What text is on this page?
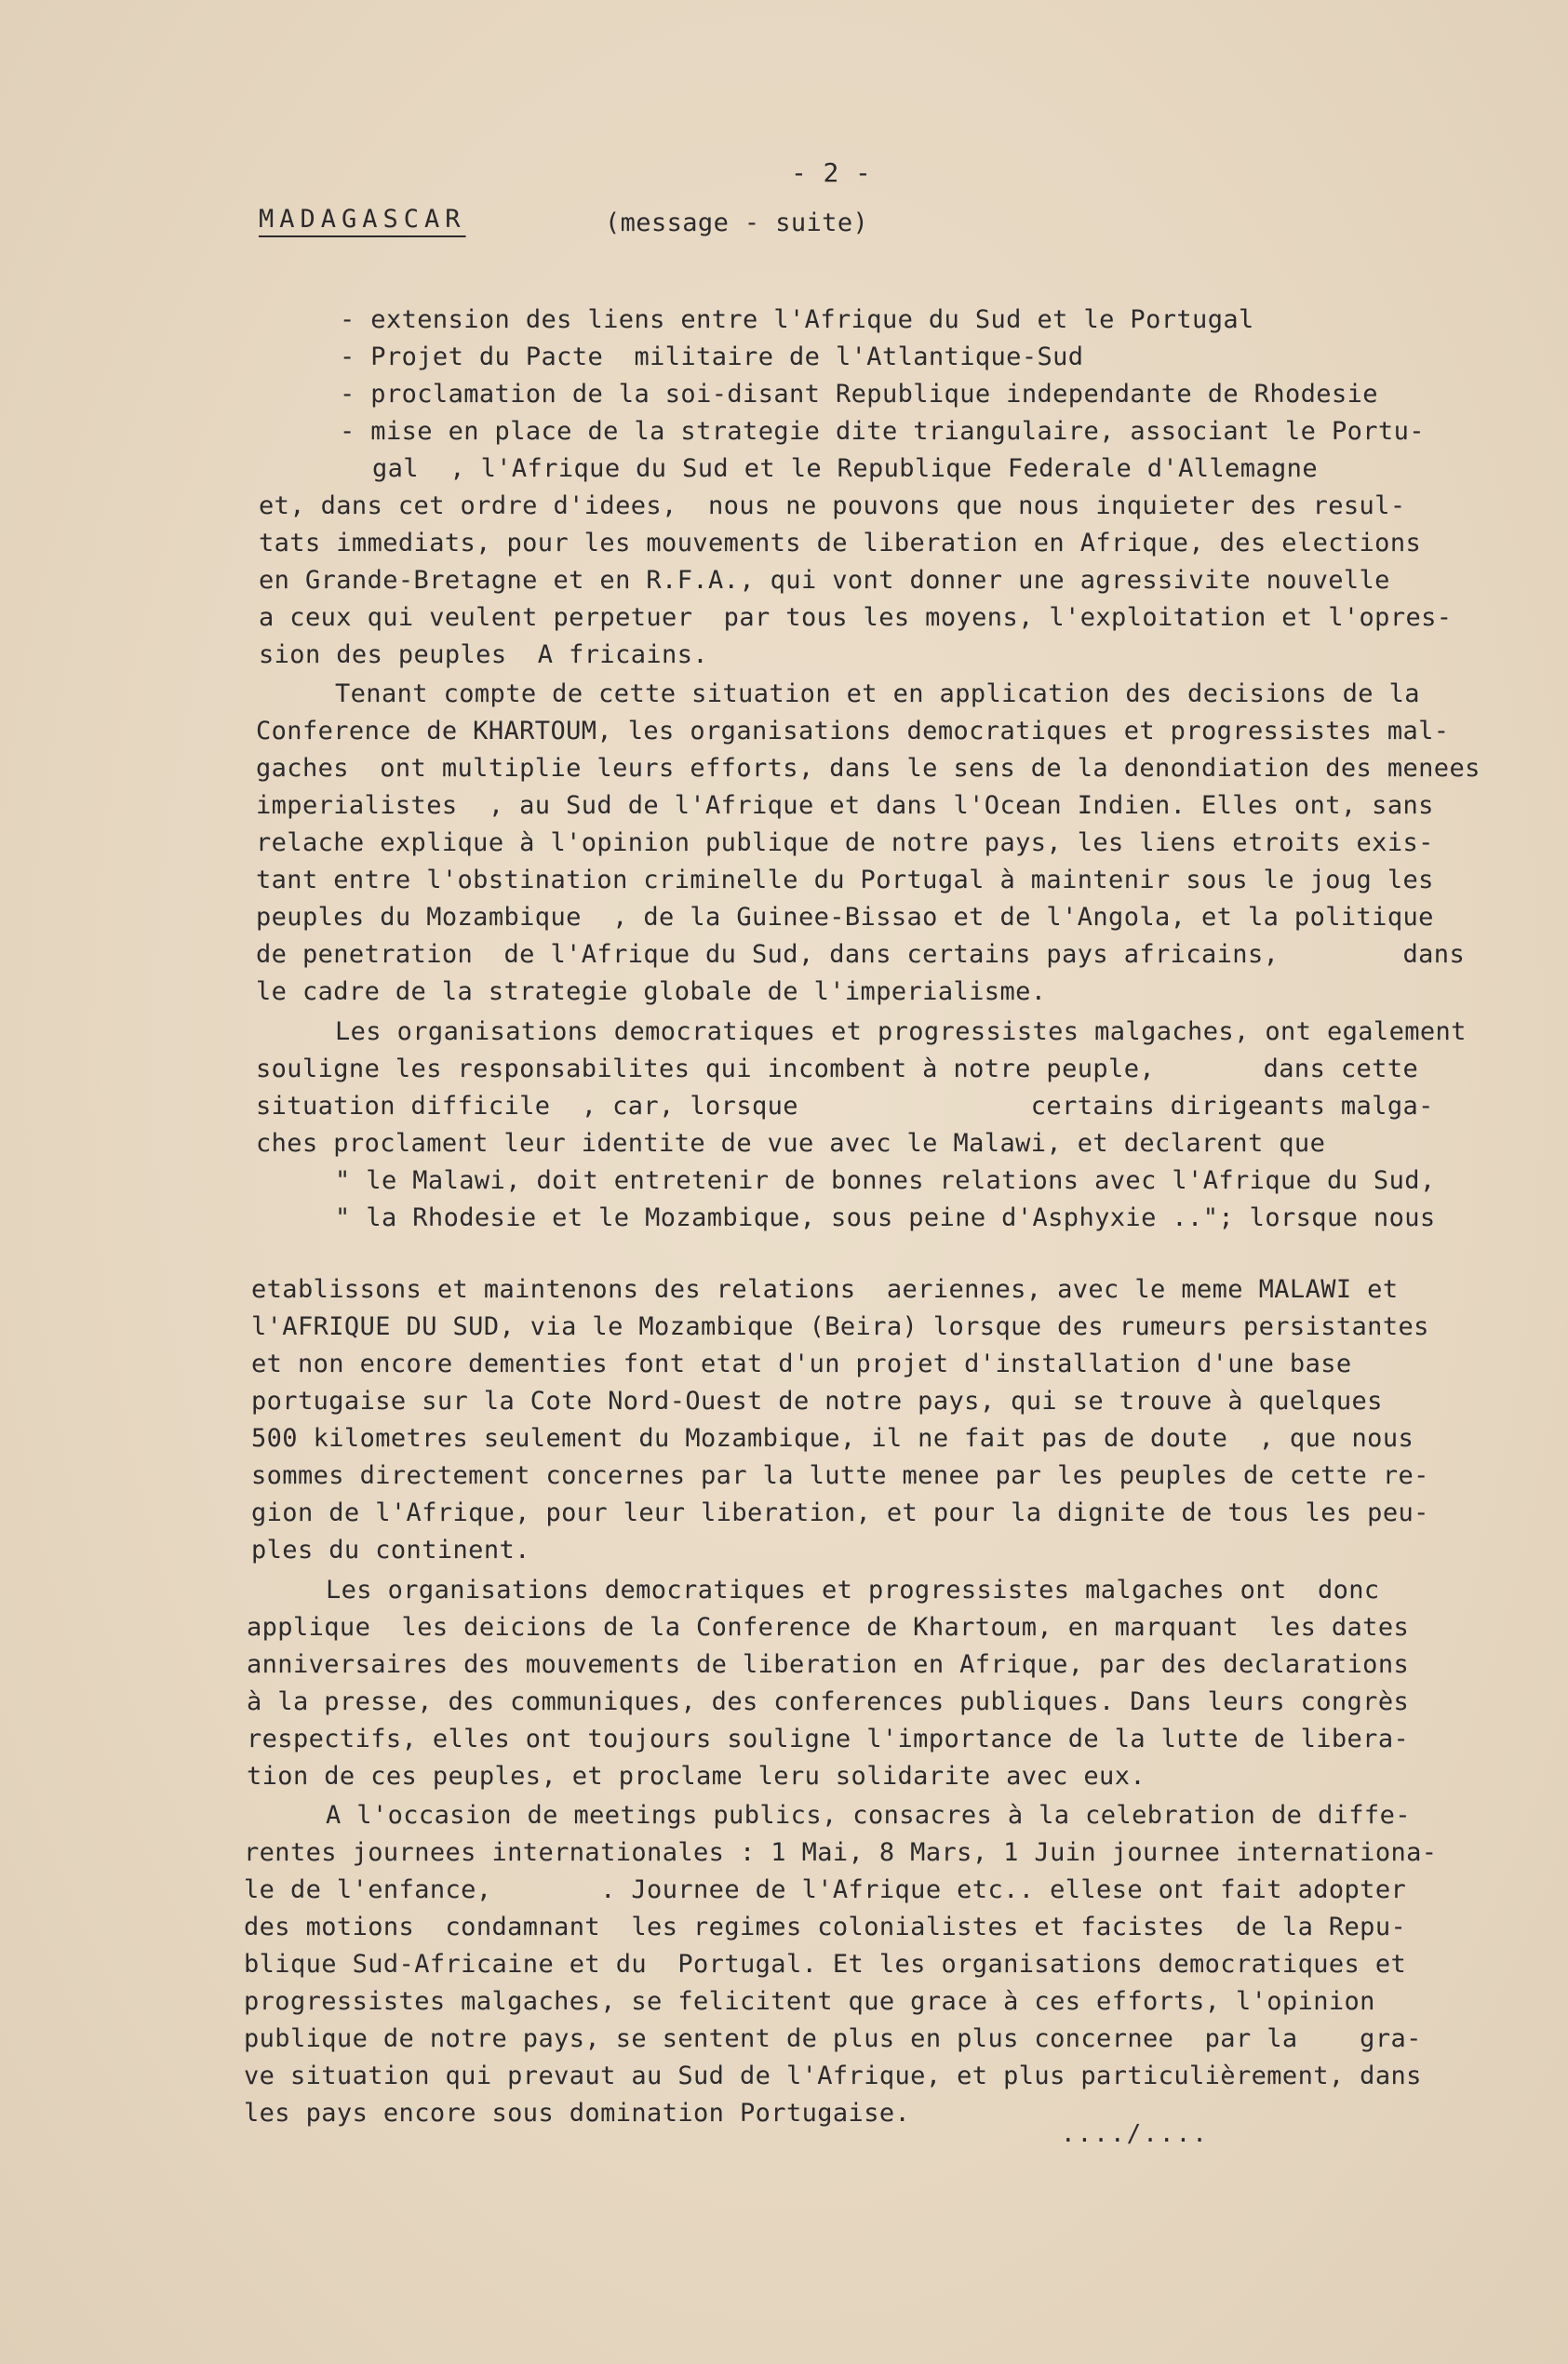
- 2 -
MADAGASCAR	(message - suite)
- extension des liens entre l'Afrique du Sud et le Portugal
- Projet du Pacte  militaire de l'Atlantique-Sud
- proclamation de la soi-disant Republique independante de Rhodesie
- mise en place de la strategie dite triangulaire, associant le Portu-
gal  , l'Afrique du Sud et le Republique Federale d'Allemagne
et, dans cet ordre d'idees,  nous ne pouvons que nous inquieter des resul-
tats immediats, pour les mouvements de liberation en Afrique, des elections
en Grande-Bretagne et en R.F.A., qui vont donner une agressivite nouvelle
a ceux qui veulent perpetuer  par tous les moyens, l'exploitation et l'opres-
sion des peuples  A fricains.
Tenant compte de cette situation et en application des decisions de la
Conference de KHARTOUM, les organisations democratiques et progressistes mal-
gaches  ont multiplie leurs efforts, dans le sens de la denondiation des menees
imperialistes  , au Sud de l'Afrique et dans l'Ocean Indien. Elles ont, sans
relache explique à l'opinion publique de notre pays, les liens etroits exis-
tant entre l'obstination criminelle du Portugal à maintenir sous le joug les
peuples du Mozambique  , de la Guinee-Bissao et de l'Angola, et la politique
de penetration  de l'Afrique du Sud, dans certains pays africains,        dans
le cadre de la strategie globale de l'imperialisme.
Les organisations democratiques et progressistes malgaches, ont egalement
souligne les responsabilites qui incombent à notre peuple,       dans cette
situation difficile  , car, lorsque               certains dirigeants malga-
ches proclament leur identite de vue avec le Malawi, et declarent que
" le Malawi, doit entretenir de bonnes relations avec l'Afrique du Sud,
" la Rhodesie et le Mozambique, sous peine d'Asphyxie .."; lorsque nous
etablissons et maintenons des relations  aeriennes, avec le meme MALAWI et
l'AFRIQUE DU SUD, via le Mozambique (Beira) lorsque des rumeurs persistantes
et non encore dementies font etat d'un projet d'installation d'une base
portugaise sur la Cote Nord-Ouest de notre pays, qui se trouve à quelques
500 kilometres seulement du Mozambique, il ne fait pas de doute  , que nous
sommes directement concernes par la lutte menee par les peuples de cette re-
gion de l'Afrique, pour leur liberation, et pour la dignite de tous les peu-
ples du continent.
Les organisations democratiques et progressistes malgaches ont  donc
applique  les deicions de la Conference de Khartoum, en marquant  les dates
anniversaires des mouvements de liberation en Afrique, par des declarations
à la presse, des communiques, des conferences publiques. Dans leurs congrès
respectifs, elles ont toujours souligne l'importance de la lutte de libera-
tion de ces peuples, et proclame leru solidarite avec eux.
A l'occasion de meetings publics, consacres à la celebration de diffe-
rentes journees internationales : 1 Mai, 8 Mars, 1 Juin journee internationa-
le de l'enfance,       . Journee de l'Afrique etc.. ellese ont fait adopter
des motions  condamnant  les regimes colonialistes et facistes  de la Repu-
blique Sud-Africaine et du  Portugal. Et les organisations democratiques et
progressistes malgaches, se felicitent que grace à ces efforts, l'opinion
publique de notre pays, se sentent de plus en plus concernee  par la    gra-
ve situation qui prevaut au Sud de l'Afrique, et plus particulièrement, dans
les pays encore sous domination Portugaise.
..../....
